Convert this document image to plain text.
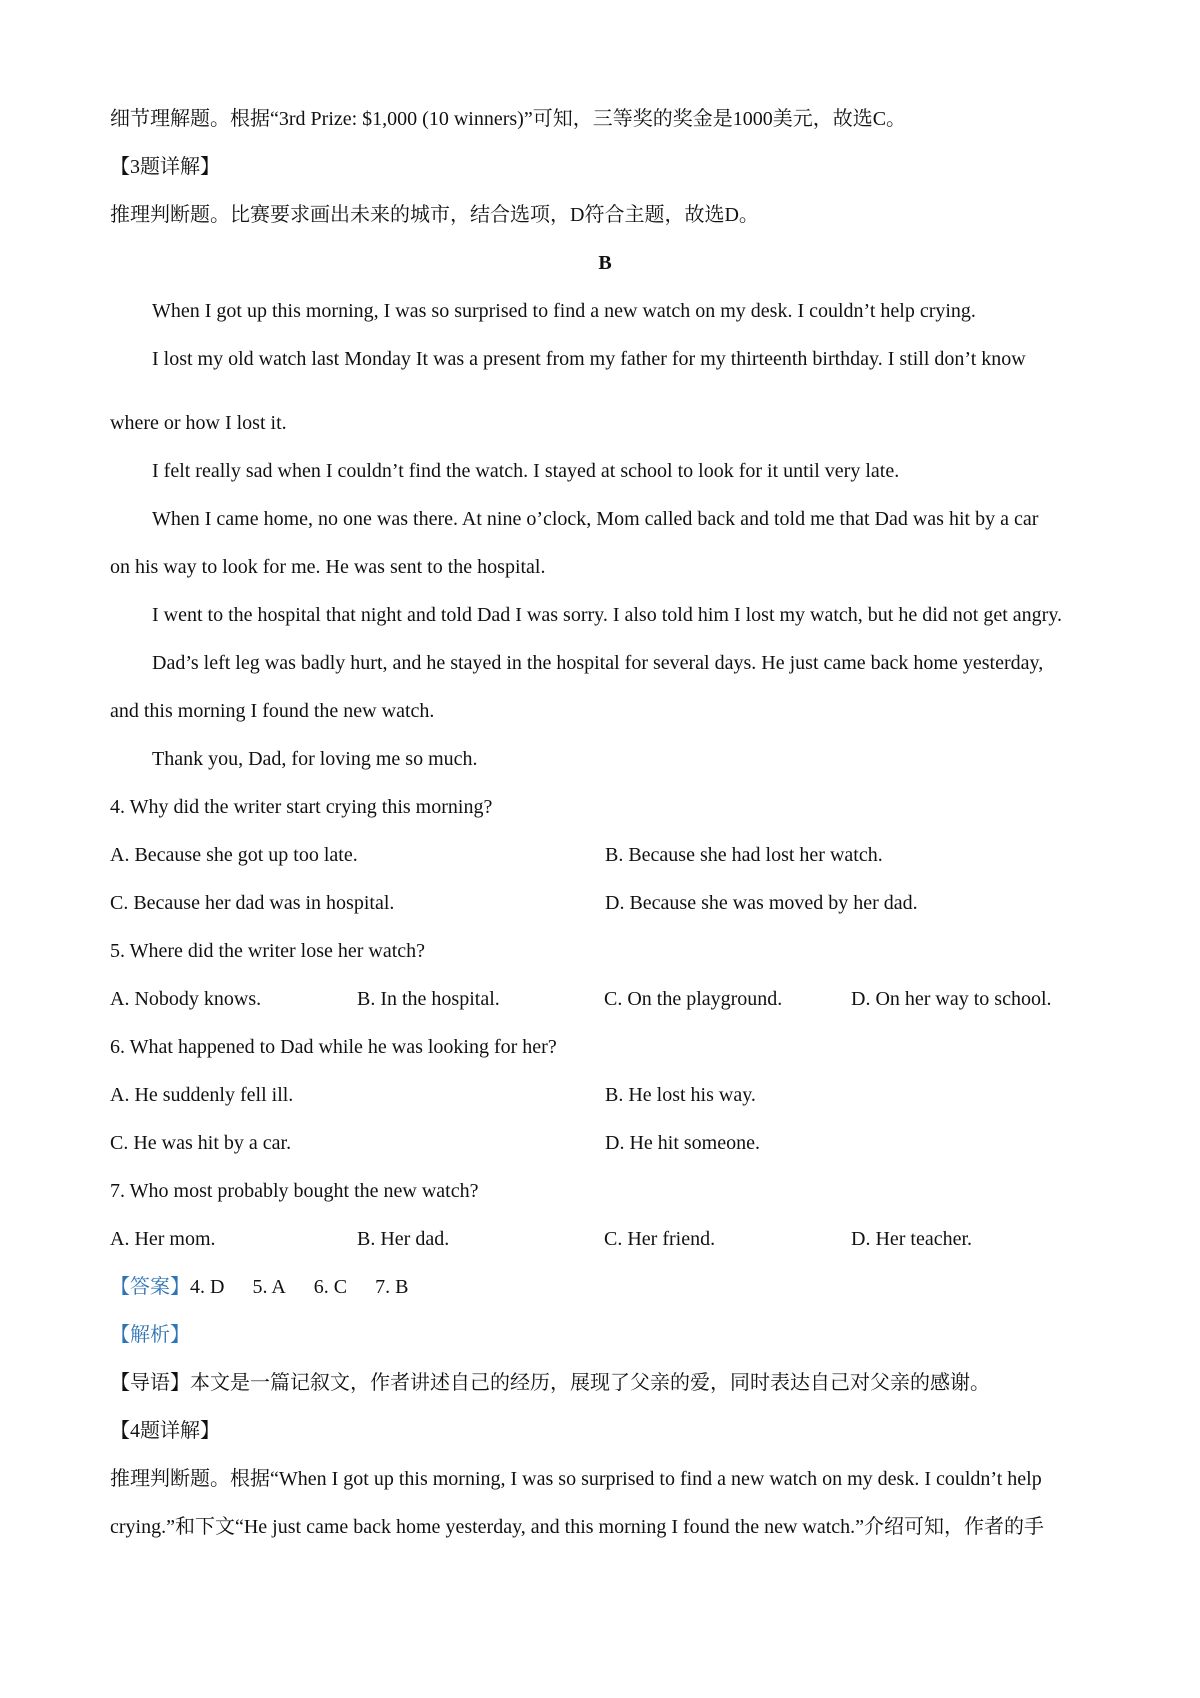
细节理解题。根据“3rd Prize: $1,000 (10 winners)”可知，三等奖的奖金是1000美元，故选C。
【3题详解】
推理判断题。比赛要求画出未来的城市，结合选项，D符合主题，故选D。
B
When I got up this morning, I was so surprised to find a new watch on my desk. I couldn’t help crying.
I lost my old watch last Monday It was a present from my father for my thirteenth birthday. I still don’t know
where or how I lost it.
I felt really sad when I couldn’t find the watch. I stayed at school to look for it until very late.
When I came home, no one was there. At nine o’clock, Mom called back and told me that Dad was hit by a car
on his way to look for me. He was sent to the hospital.
I went to the hospital that night and told Dad I was sorry. I also told him I lost my watch, but he did not get angry.
Dad’s left leg was badly hurt, and he stayed in the hospital for several days. He just came back home yesterday,
and this morning I found the new watch.
Thank you, Dad, for loving me so much.
4. Why did the writer start crying this morning?
A. Because she got up too late.	B. Because she had lost her watch.
C. Because her dad was in hospital.	D. Because she was moved by her dad.
5. Where did the writer lose her watch?
A. Nobody knows.	B. In the hospital.	C. On the playground.	D. On her way to school.
6. What happened to Dad while he was looking for her?
A. He suddenly fell ill.	B. He lost his way.
C. He was hit by a car.	D. He hit someone.
7. Who most probably bought the new watch?
A. Her mom.	B. Her dad.	C. Her friend.	D. Her teacher.
【答案】4. D 5. A 6. C 7. B
【解析】
【导语】本文是一篇记叙文，作者讲述自己的经历，展现了父亲的爱，同时表达自己对父亲的感谢。
【4题详解】
推理判断题。根据“When I got up this morning, I was so surprised to find a new watch on my desk. I couldn’t help
crying.”和下文“He just came back home yesterday, and this morning I found the new watch.”介绍可知，作者的手
